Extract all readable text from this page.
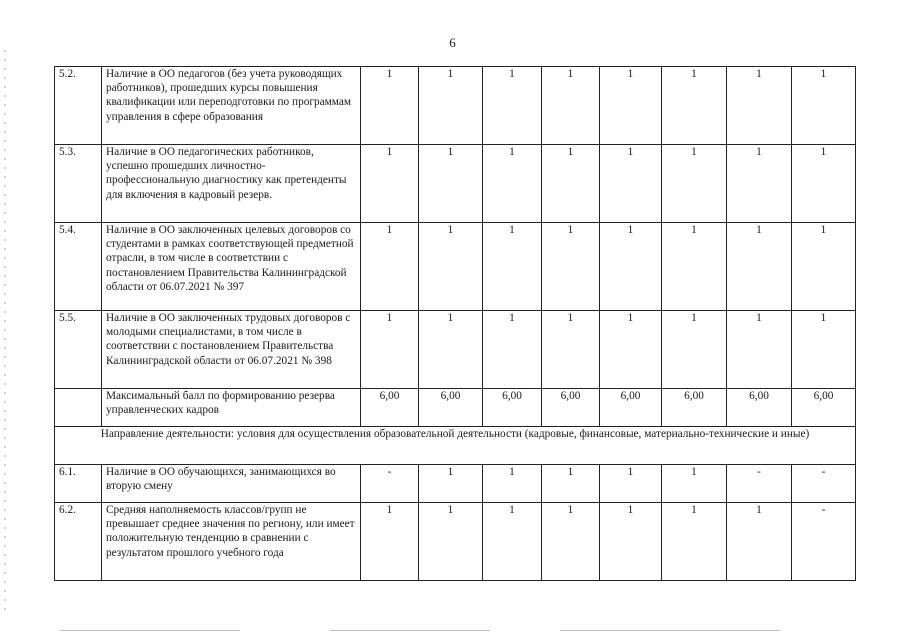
6
5.2.	Наличие в ОО педагогов (без учета руководящих работников), прошедших курсы повышения квалификации или переподготовки по программам управления в сфере образования	1	1	1	1	1	1	1	1
5.3.	Наличие в ОО педагогических работников, успешно прошедших личностно-профессиональную диагностику как претенденты для включения в кадровый резерв.	1	1	1	1	1	1	1	1
5.4.	Наличие в ОО заключенных целевых договоров со студентами в рамках соответствующей предметной отрасли, в том числе в соответствии с постановлением Правительства Калининградской области от 06.07.2021 № 397	1	1	1	1	1	1	1	1
5.5.	Наличие в ОО заключенных трудовых договоров с молодыми специалистами, в том числе в соответствии с постановлением Правительства Калининградской области от 06.07.2021 № 398	1	1	1	1	1	1	1	1
	Максимальный балл по формированию резерва управленческих кадров	6,00	6,00	6,00	6,00	6,00	6,00	6,00	6,00
Направление деятельности: условия для осуществления образовательной деятельности (кадровые, финансовые, материально-технические и иные)									
6.1.	Наличие в ОО обучающихся, занимающихся во вторую смену	-	1	1	1	1	1	-	-
6.2.	Средняя наполняемость классов/групп не превышает среднее значения по региону, или имеет положительную тенденцию в сравнении с результатом прошлого учебного года	1	1	1	1	1	1	1	-
